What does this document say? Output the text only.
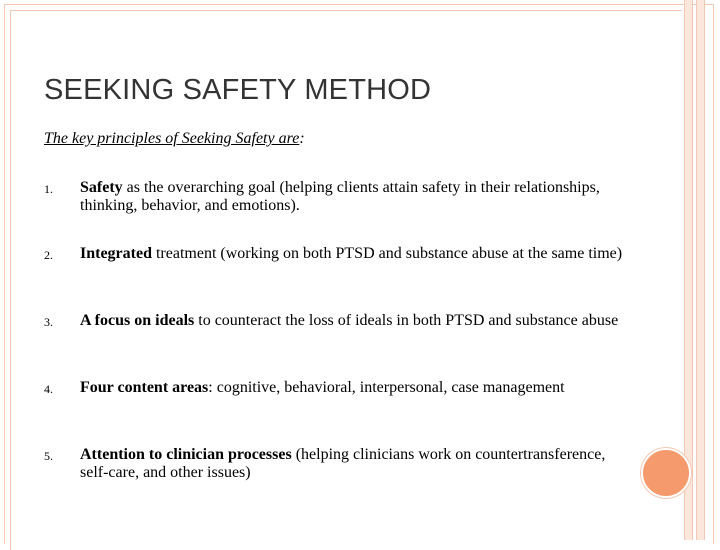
SEEKING SAFETY METHOD

The key principles of Seeking Safety are:

1. Safety as the overarching goal (helping clients attain safety in their relationships, thinking, behavior, and emotions).
2. Integrated treatment (working on both PTSD and substance abuse at the same time)
3. A focus on ideals to counteract the loss of ideals in both PTSD and substance abuse
4. Four content areas: cognitive, behavioral, interpersonal, case management
5. Attention to clinician processes (helping clinicians work on countertransference, self-care, and other issues)
